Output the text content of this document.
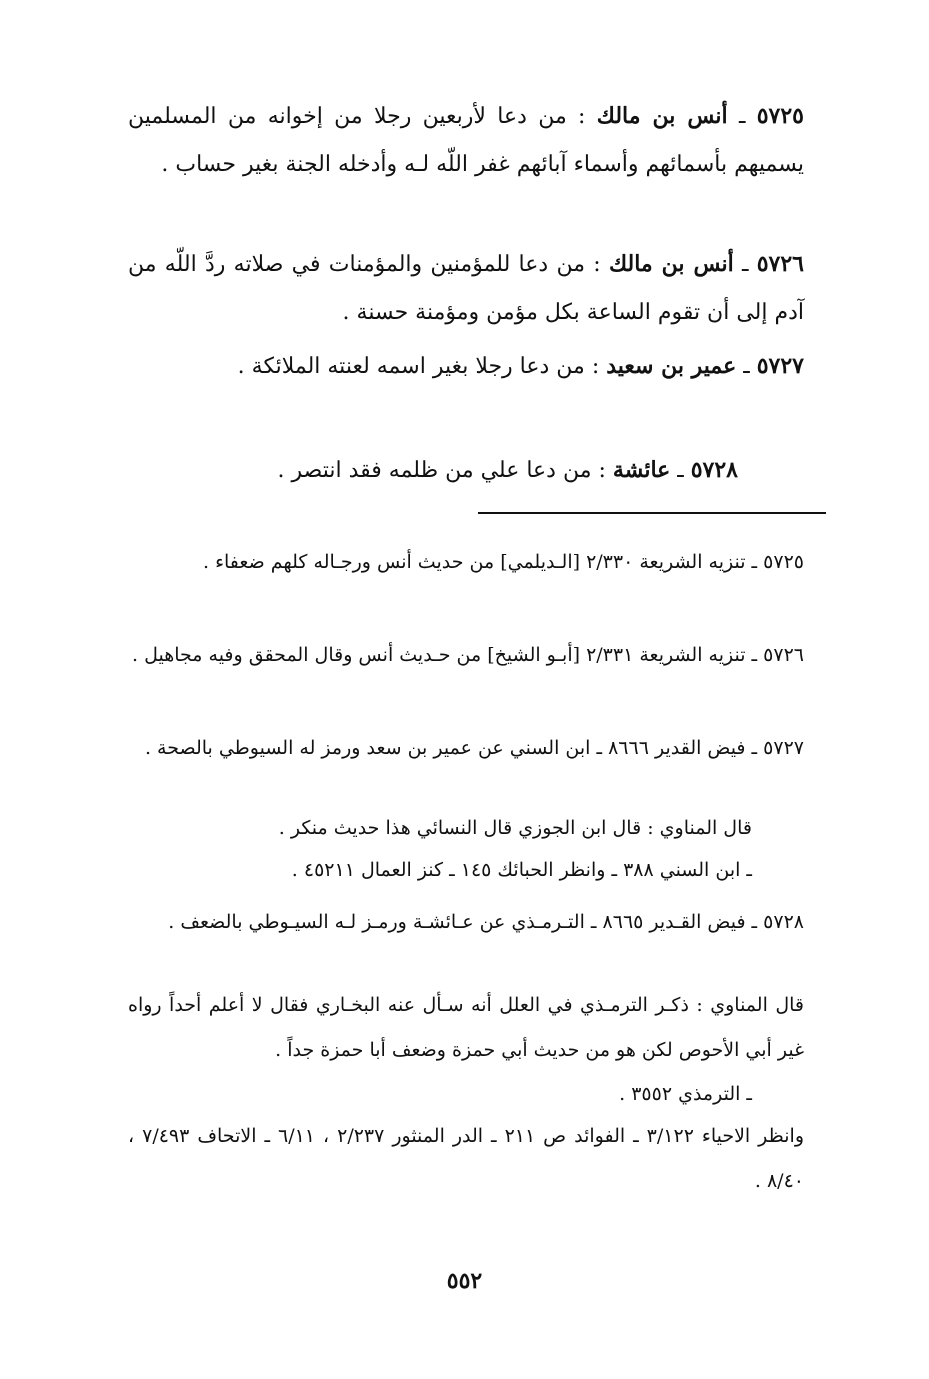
٥٧٢٥ ـ أنس بن مالك : من دعا لأربعين رجلا من إخوانه من المسلمين يسميهم بأسمائهم وأسماء آبائهم غفر اللّه لـه وأدخله الجنة بغير حساب .
٥٧٢٦ ـ أنس بن مالك : من دعا للمؤمنين والمؤمنات في صلاته ردَّ اللّه من آدم إلى أن تقوم الساعة بكل مؤمن ومؤمنة حسنة .
٥٧٢٧ ـ عمير بن سعيد : من دعا رجلا بغير اسمه لعنته الملائكة .
٥٧٢٨ ـ عائشة : من دعا علي من ظلمه فقد انتصر .
٥٧٢٥ ـ تنزيه الشريعة ٢/٣٣٠ [الـديلمي] من حديث أنس ورجـاله كلهم ضعفاء .
٥٧٢٦ ـ تنزيه الشريعة ٢/٣٣١ [أبـو الشيخ] من حـديث أنس وقال المحقق وفيه مجاهيل .
٥٧٢٧ ـ فيض القدير ٨٦٦٦ ـ ابن السني عن عمير بن سعد ورمز له السيوطي بالصحة .
قال المناوي : قال ابن الجوزي قال النسائي هذا حديث منكر .
ـ ابن السني ٣٨٨ ـ وانظر الحبائك ١٤٥ ـ كنز العمال ٤٥٢١١ .
٥٧٢٨ ـ فيض القـدير ٨٦٦٥ ـ التـرمـذي عن عـائشـة ورمـز لـه السيـوطي بالضعف .
قال المناوي : ذكـر الترمـذي في العلل أنه سـأل عنه البخـاري فقال لا أعلم أحداً رواه غير أبي الأحوص لكن هو من حديث أبي حمزة وضعف أبا حمزة جداً .
ـ الترمذي ٣٥٥٢ .
وانظر الاحياء ٣/١٢٢ ـ الفوائد ص ٢١١ ـ الدر المنثور ٢/٢٣٧ ، ٦/١١ ـ الاتحاف ٧/٤٩٣ ، ٨/٤٠ .
٥٥٢
